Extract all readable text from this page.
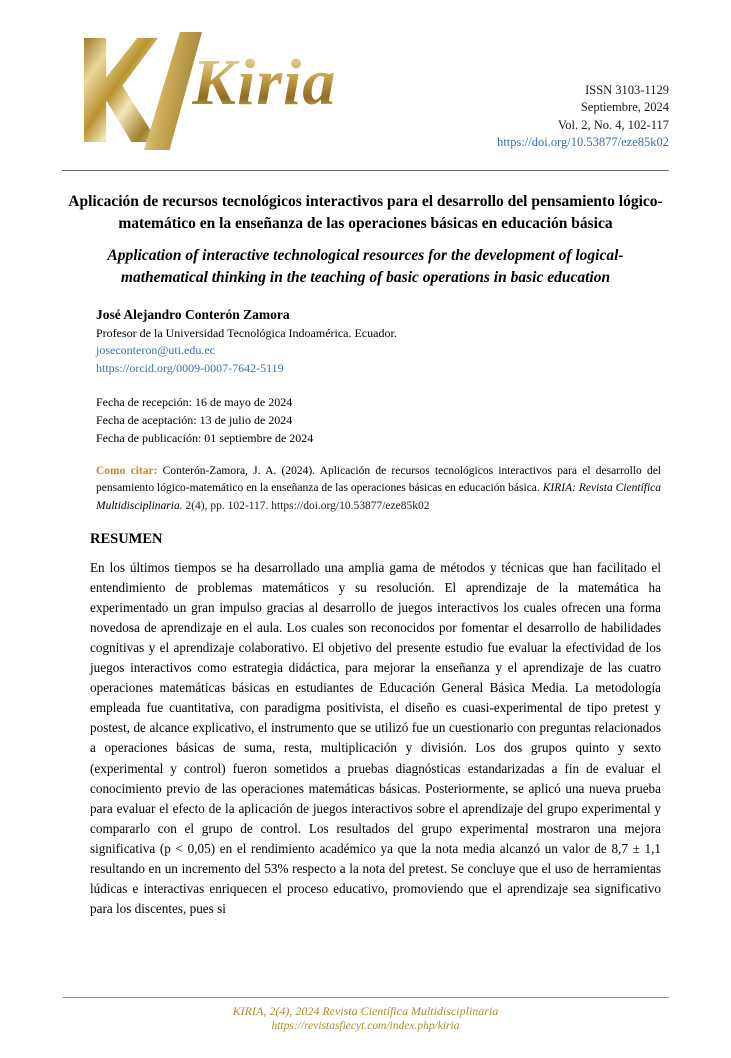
Kiria	ISSN 3103-1129
Septiembre, 2024
Vol. 2, No. 4, 102-117
https://doi.org/10.53877/eze85k02
Aplicación de recursos tecnológicos interactivos para el desarrollo del pensamiento lógico-matemático en la enseñanza de las operaciones básicas en educación básica
Application of interactive technological resources for the development of logical-mathematical thinking in the teaching of basic operations in basic education
José Alejandro Conterón Zamora
Profesor de la Universidad Tecnológica Indoamérica. Ecuador.
joseconteron@uti.edu.ec
https://orcid.org/0009-0007-7642-5119
Fecha de recepción: 16 de mayo de 2024
Fecha de aceptación: 13 de julio de 2024
Fecha de publicación: 01 septiembre de 2024
Como citar: Conterón-Zamora, J. A. (2024). Aplicación de recursos tecnológicos interactivos para el desarrollo del pensamiento lógico-matemático en la enseñanza de las operaciones básicas en educación básica. KIRIA: Revista Científica Multidisciplinaria. 2(4), pp. 102-117. https://doi.org/10.53877/eze85k02
RESUMEN
En los últimos tiempos se ha desarrollado una amplia gama de métodos y técnicas que han facilitado el entendimiento de problemas matemáticos y su resolución. El aprendizaje de la matemática ha experimentado un gran impulso gracias al desarrollo de juegos interactivos los cuales ofrecen una forma novedosa de aprendizaje en el aula. Los cuales son reconocidos por fomentar el desarrollo de habilidades cognitivas y el aprendizaje colaborativo. El objetivo del presente estudio fue evaluar la efectividad de los juegos interactivos como estrategia didáctica, para mejorar la enseñanza y el aprendizaje de las cuatro operaciones matemáticas básicas en estudiantes de Educación General Básica Media. La metodología empleada fue cuantitativa, con paradigma positivista, el diseño es cuasi-experimental de tipo pretest y postest, de alcance explicativo, el instrumento que se utilizó fue un cuestionario con preguntas relacionados a operaciones básicas de suma, resta, multiplicación y división. Los dos grupos quinto y sexto (experimental y control) fueron sometidos a pruebas diagnósticas estandarizadas a fin de evaluar el conocimiento previo de las operaciones matemáticas básicas. Posteriormente, se aplicó una nueva prueba para evaluar el efecto de la aplicación de juegos interactivos sobre el aprendizaje del grupo experimental y compararlo con el grupo de control. Los resultados del grupo experimental mostraron una mejora significativa (p < 0,05) en el rendimiento académico ya que la nota media alcanzó un valor de 8,7 ± 1,1 resultando en un incremento del 53% respecto a la nota del pretest. Se concluye que el uso de herramientas lúdicas e interactivas enriquecen el proceso educativo, promoviendo que el aprendizaje sea significativo para los discentes, pues si
KIRIA, 2(4), 2024 Revista Científica Multidisciplinaria
https://revistasfiecyt.com/index.php/kiria
